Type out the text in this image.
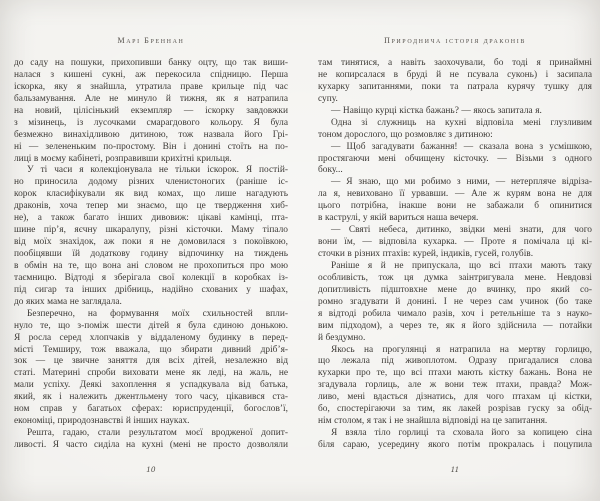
Марі Бреннан
до саду на пошуки, прихопивши банку оцту, що так виши-
налася з кишені сукні, аж перекосила спідницю. Перша
іскорка, яку я знайшла, утратила праве крильце під час
бальзамування. Але не минуло й тижня, як я натрапила
на новий, цілісінький екземпляр — іскорку завдовжки
з мізинець, із лусочками смарагдового кольору. Я була
безмежно винахідливою дитиною, тож назвала його Грі-
ні — зелененьким по-простому. Він і донині стоїть на по-
лиці в моєму кабінеті, розправивши крихітні крильця.
У ті часи я колекціонувала не тільки іскорок. Я постій-
но приносила додому різних членистоногих (раніше іс-
корок класифікували як вид комах, що лише нагадують
драконів, хоча тепер ми знаємо, що це твердження хиб-
не), а також багато інших дивовиж: цікаві камінці, пта-
шине пір’я, яєчну шкаралупу, різні кісточки. Маму тіпало
від моїх знахідок, аж поки я не домовилася з покоївкою,
пообіцявши їй додаткову годину відпочинку на тиждень
в обмін на те, що вона ані словом не прохопиться про мою
таємницю. Відтоді я зберігала свої колекції в коробках із-
під сигар та інших дрібниць, надійно схованих у шафах,
до яких мама не заглядала.
Безперечно, на формування моїх схильностей впли-
нуло те, що з-поміж шести дітей я була єдиною донькою.
Я росла серед хлопчаків у віддаленому будинку в перед-
місті Темширу, тож вважала, що збирати дивний дріб’я-
зок — це звичне заняття для всіх дітей, незалежно від
статі. Материні спроби виховати мене як леді, на жаль, не
мали успіху. Деякі захоплення я успадкувала від батька,
який, як і належить джентльмену того часу, цікавився ста-
ном справ у багатьох сферах: юриспруденції, богослов’ї,
економіці, природознавстві й інших науках.
Решта, гадаю, стали результатом моєї вродженої допит-
ливості. Я часто сиділа на кухні (мені не просто дозволяли
10
Природнича історія драконів
там тинятися, а навіть заохочували, бо тоді я принаймні
не копирсалася в бруді й не псувала суконь) і засипала
кухарку запитаннями, поки та патрала курячу тушку для
супу.
— Навіщо курці кістка бажань? — якось запитала я.
Одна зі служниць на кухні відповіла мені глузливим
тоном дорослого, що розмовляє з дитиною:
— Щоб загадувати бажання! — сказала вона з усмішкою,
простягаючи мені обчищену кісточку. — Візьми з одного
боку...
— Я знаю, що ми робимо з ними, — нетерпляче відріза-
ла я, невиховано її урвавши. — Але ж курям вона не для
цього потрібна, інакше вони не забажали б опинитися
в каструлі, у якій вариться наша вечеря.
— Святі небеса, дитинко, звідки мені знати, для чого
вони їм, — відповіла кухарка. — Проте я помічала ці кі-
сточки в різних птахів: курей, індиків, гусей, голубів.
Раніше я й не припускала, що всі птахи мають таку
особливість, тож ця думка заінтригувала мене. Невдовзі
допитливість підштовхне мене до вчинку, про який со-
ромно згадувати й донині. І не через сам учинок (бо таке
я відтоді робила чимало разів, хоч і ретельніше та з науко-
вим підходом), а через те, як я його здійснила — потайки
й бездумно.
Якось на прогулянці я натрапила на мертву горлицю,
що лежала під живоплотом. Одразу пригадалися слова
кухарки про те, що всі птахи мають кістку бажань. Вона не
згадувала горлиць, але ж вони теж птахи, правда? Мож-
ливо, мені вдасться дізнатись, для чого птахам ці кістки,
бо, спостерігаючи за тим, як лакей розрізав гуску за обід-
нім столом, я так і не знайшла відповіді на це запитання.
Я взяла тіло горлиці та сховала його за копицею сіна
біля сараю, усередину якого потім прокралась і поцупила
11
